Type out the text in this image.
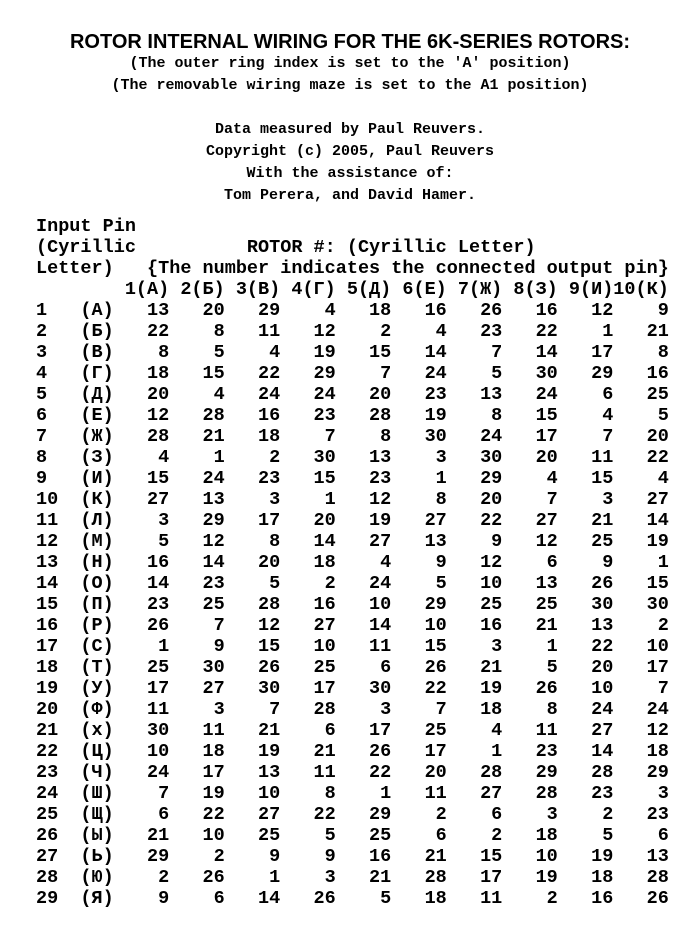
ROTOR INTERNAL WIRING FOR THE 6K-SERIES ROTORS:
(The outer ring index is set to the 'A' position)
(The removable wiring maze is set to the A1 position)
Data measured by Paul Reuvers.
Copyright (c) 2005, Paul Reuvers
With the assistance of:
Tom Perera, and David Hamer.
Input Pin
(Cyrillic          ROTOR #: (Cyrillic Letter)
Letter)   {The number indicates the connected output pin}
1(А) 2(Б) 3(В) 4(Г) 5(Д) 6(Е) 7(Ж) 8(З) 9(И)10(К)
1   (А)   13   20   29    4   18   16   26   16   12    9
2   (Б)   22    8   11   12    2    4   23   22    1   21
3   (В)    8    5    4   19   15   14    7   14   17    8
4   (Г)   18   15   22   29    7   24    5   30   29   16
5   (Д)   20    4   24   24   20   23   13   24    6   25
6   (Е)   12   28   16   23   28   19    8   15    4    5
7   (Ж)   28   21   18    7    8   30   24   17    7   20
8   (З)    4    1    2   30   13    3   30   20   11   22
9   (И)   15   24   23   15   23    1   29    4   15    4
10  (К)   27   13    3    1   12    8   20    7    3   27
11  (Л)    3   29   17   20   19   27   22   27   21   14
12  (М)    5   12    8   14   27   13    9   12   25   19
13  (Н)   16   14   20   18    4    9   12    6    9    1
14  (О)   14   23    5    2   24    5   10   13   26   15
15  (П)   23   25   28   16   10   29   25   25   30   30
16  (Р)   26    7   12   27   14   10   16   21   13    2
17  (С)    1    9   15   10   11   15    3    1   22   10
18  (Т)   25   30   26   25    6   26   21    5   20   17
19  (У)   17   27   30   17   30   22   19   26   10    7
20  (Ф)   11    3    7   28    3    7   18    8   24   24
21  (х)   30   11   21    6   17   25    4   11   27   12
22  (Ц)   10   18   19   21   26   17    1   23   14   18
23  (Ч)   24   17   13   11   22   20   28   29   28   29
24  (Ш)    7   19   10    8    1   11   27   28   23    3
25  (Щ)    6   22   27   22   29    2    6    3    2   23
26  (Ы)   21   10   25    5   25    6    2   18    5    6
27  (Ь)   29    2    9    9   16   21   15   10   19   13
28  (Ю)    2   26    1    3   21   28   17   19   18   28
29  (Я)    9    6   14   26    5   18   11    2   16   26
